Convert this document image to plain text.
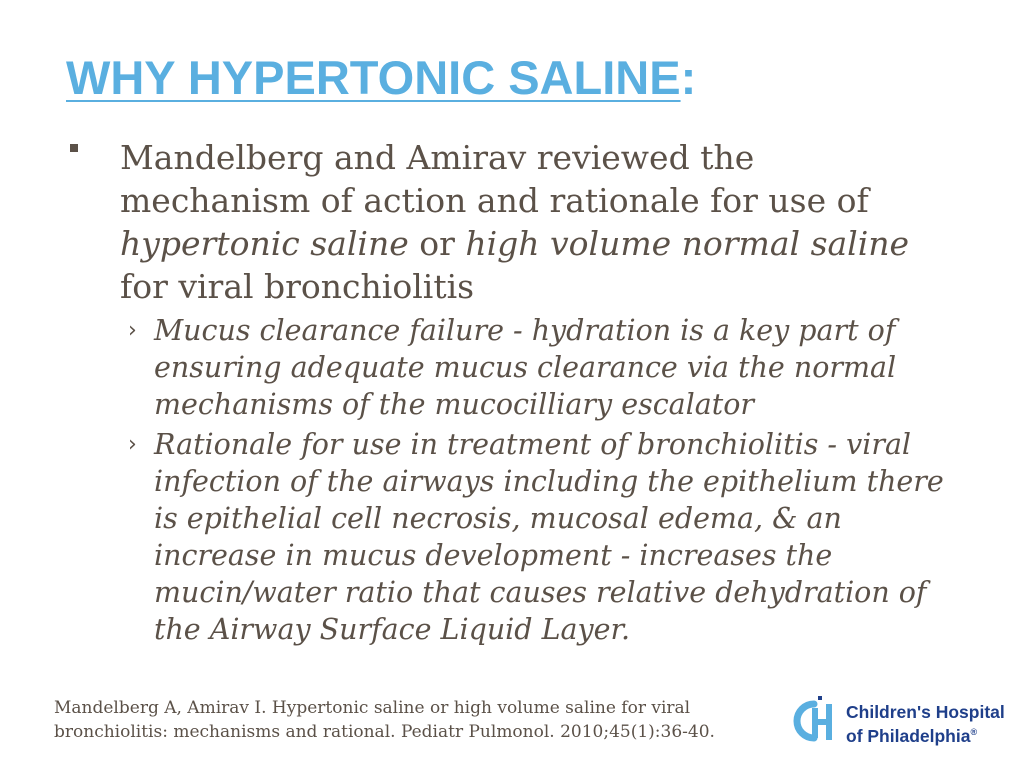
WHY HYPERTONIC SALINE:

Mandelberg and Amirav reviewed the mechanism of action and rationale for use of hypertonic saline or high volume normal saline for viral bronchiolitis

› Mucus clearance failure - hydration is a key part of ensuring adequate mucus clearance via the normal mechanisms of the mucocilliary escalator

› Rationale for use in treatment of bronchiolitis - viral infection of the airways including the epithelium there is epithelial cell necrosis, mucosal edema, & an increase in mucus development - increases the mucin/water ratio that causes relative dehydration of the Airway Surface Liquid Layer.

Mandelberg A, Amirav I. Hypertonic saline or high volume saline for viral
bronchiolitis: mechanisms and rational. Pediatr Pulmonol. 2010;45(1):36-40.

Children's Hospital
of Philadelphia®
